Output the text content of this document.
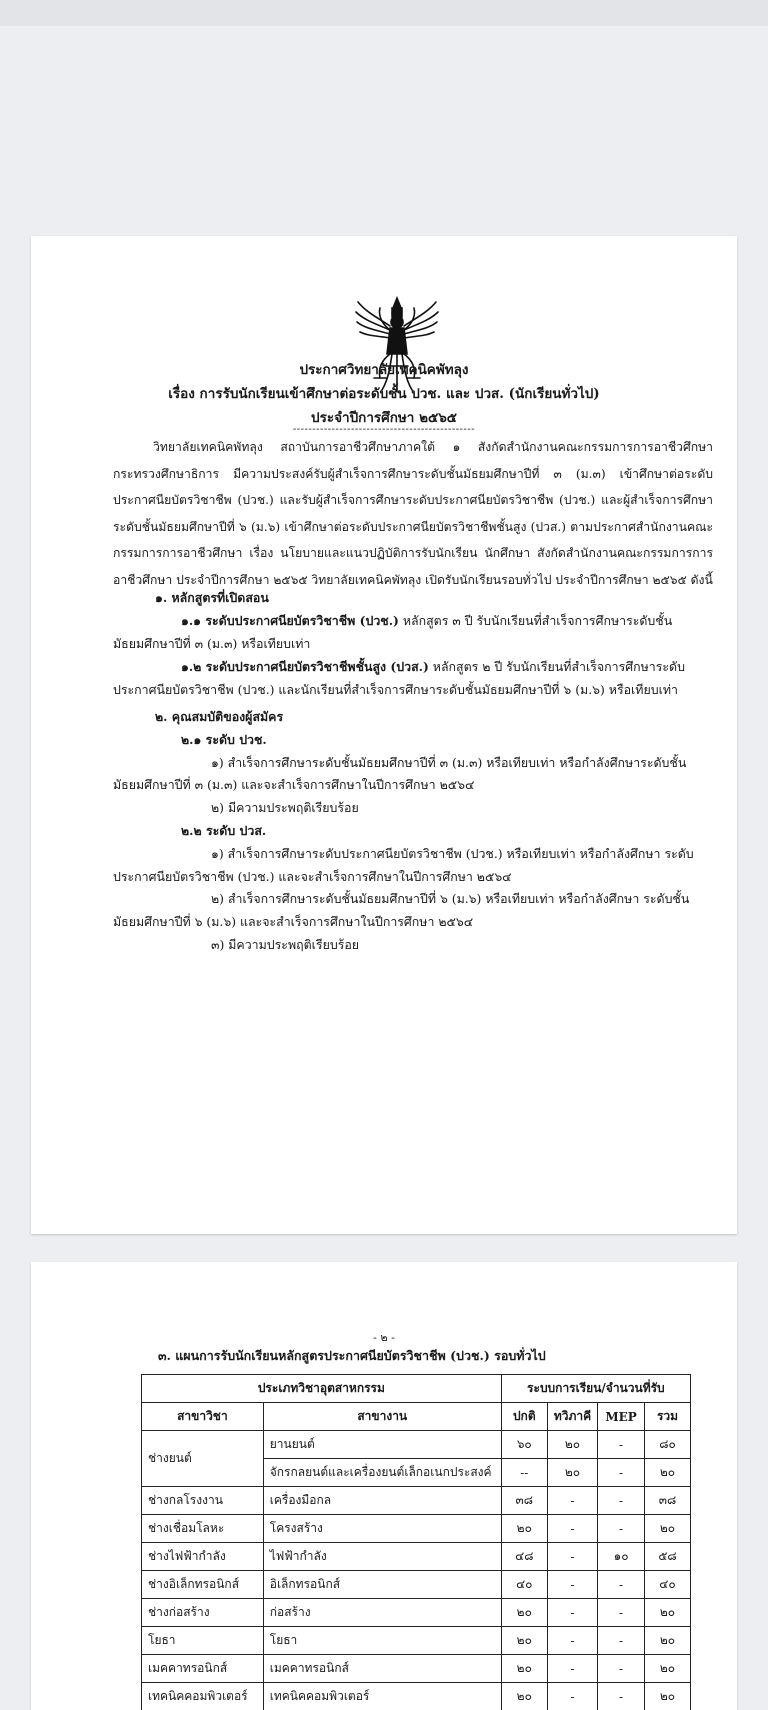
ประกาศวิทยาลัยเทคนิคพัทลุง
เรื่อง การรับนักเรียนเข้าศึกษาต่อระดับชั้น ปวช. และ ปวส. (นักเรียนทั่วไป)
ประจำปีการศึกษา ๒๕๖๕
-----------------------------------------------
วิทยาลัยเทคนิคพัทลุง สถาบันการอาชีวศึกษาภาคใต้ ๑ สังกัดสำนักงานคณะกรรมการการอาชีวศึกษา กระทรวงศึกษาธิการ มีความประสงค์รับผู้สำเร็จการศึกษาระดับชั้นมัธยมศึกษาปีที่ ๓ (ม.๓) เข้าศึกษาต่อระดับประกาศนียบัตรวิชาชีพ (ปวช.) และรับผู้สำเร็จการศึกษาระดับประกาศนียบัตรวิชาชีพ (ปวช.) และผู้สำเร็จการศึกษาระดับชั้นมัธยมศึกษาปีที่ ๖ (ม.๖) เข้าศึกษาต่อระดับประกาศนียบัตรวิชาชีพชั้นสูง (ปวส.) ตามประกาศสำนักงานคณะกรรมการการอาชีวศึกษา เรื่อง นโยบายและแนวปฏิบัติการรับนักเรียน นักศึกษา สังกัดสำนักงานคณะกรรมการการอาชีวศึกษา ประจำปีการศึกษา ๒๕๖๕ วิทยาลัยเทคนิคพัทลุง เปิดรับนักเรียนรอบทั่วไป ประจำปีการศึกษา ๒๕๖๕ ดังนี้
๑. หลักสูตรที่เปิดสอน
๑.๑ ระดับประกาศนียบัตรวิชาชีพ (ปวช.) หลักสูตร ๓ ปี รับนักเรียนที่สำเร็จการศึกษาระดับชั้น
มัธยมศึกษาปีที่ ๓ (ม.๓) หรือเทียบเท่า
๑.๒ ระดับประกาศนียบัตรวิชาชีพชั้นสูง (ปวส.) หลักสูตร ๒ ปี รับนักเรียนที่สำเร็จการศึกษาระดับ
ประกาศนียบัตรวิชาชีพ (ปวช.) และนักเรียนที่สำเร็จการศึกษาระดับชั้นมัธยมศึกษาปีที่ ๖ (ม.๖) หรือเทียบเท่า
๒. คุณสมบัติของผู้สมัคร
๒.๑ ระดับ ปวช.
๑) สำเร็จการศึกษาระดับชั้นมัธยมศึกษาปีที่ ๓ (ม.๓) หรือเทียบเท่า หรือกำลังศึกษาระดับชั้น
มัธยมศึกษาปีที่ ๓ (ม.๓) และจะสำเร็จการศึกษาในปีการศึกษา ๒๕๖๔
๒) มีความประพฤติเรียบร้อย
๒.๒ ระดับ ปวส.
๑) สำเร็จการศึกษาระดับประกาศนียบัตรวิชาชีพ (ปวช.) หรือเทียบเท่า หรือกำลังศึกษา ระดับ
ประกาศนียบัตรวิชาชีพ (ปวช.) และจะสำเร็จการศึกษาในปีการศึกษา ๒๕๖๔
๒) สำเร็จการศึกษาระดับชั้นมัธยมศึกษาปีที่ ๖ (ม.๖) หรือเทียบเท่า หรือกำลังศึกษา ระดับชั้น
มัธยมศึกษาปีที่ ๖ (ม.๖) และจะสำเร็จการศึกษาในปีการศึกษา ๒๕๖๔
๓) มีความประพฤติเรียบร้อย
- ๒ -
๓. แผนการรับนักเรียนหลักสูตรประกาศนียบัตรวิชาชีพ (ปวช.) รอบทั่วไป
ประเภทวิชาอุตสาหกรรม		ระบบการเรียน/จำนวนที่รับ			
สาขาวิชา	สาขางาน	ปกติ	ทวิภาคี	MEP	รวม
ช่างยนต์	ยานยนต์	๖๐	๒๐	-	๘๐
	จักรกลยนต์และเครื่องยนต์เล็กอเนกประสงค์	--	๒๐	-	๒๐
ช่างกลโรงงาน	เครื่องมือกล	๓๘	-	-	๓๘
ช่างเชื่อมโลหะ	โครงสร้าง	๒๐	-	-	๒๐
ช่างไฟฟ้ากำลัง	ไฟฟ้ากำลัง	๔๘	-	๑๐	๕๘
ช่างอิเล็กทรอนิกส์	อิเล็กทรอนิกส์	๔๐	-	-	๔๐
ช่างก่อสร้าง	ก่อสร้าง	๒๐	-	-	๒๐
โยธา	โยธา	๒๐	-	-	๒๐
เมคคาทรอนิกส์	เมคคาทรอนิกส์	๒๐	-	-	๒๐
เทคนิคคอมพิวเตอร์	เทคนิคคอมพิวเตอร์	๒๐	-	-	๒๐
